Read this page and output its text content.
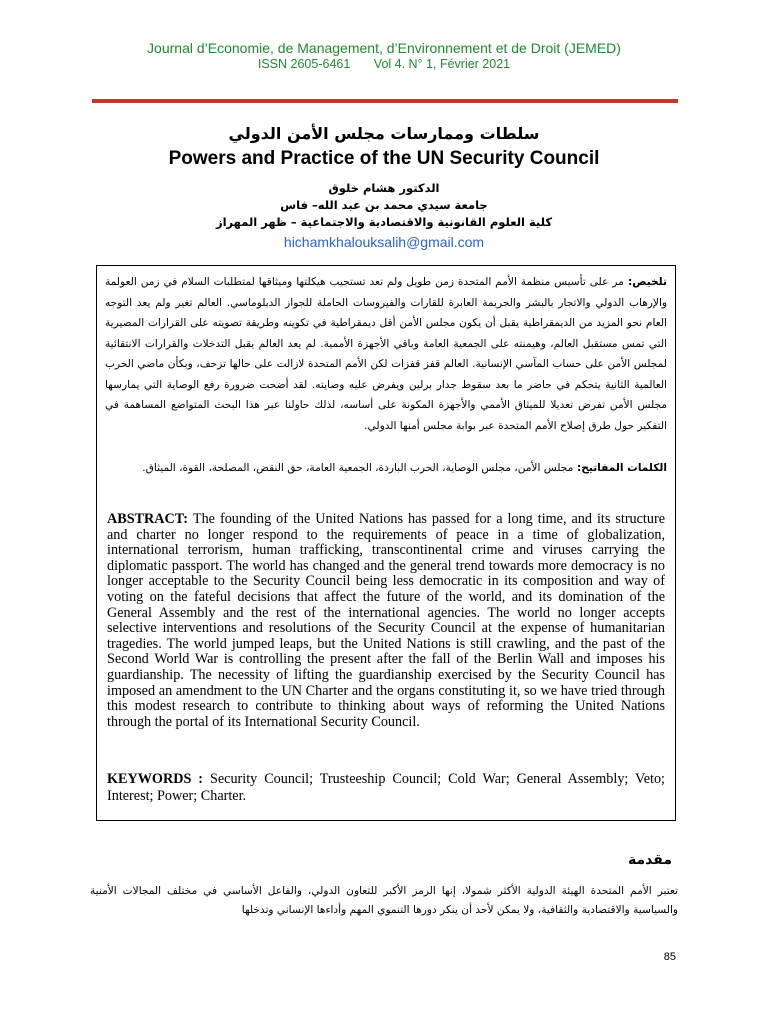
Journal d’Economie, de Management, d’Environnement et de Droit (JEMED)
ISSN 2605-6461 Vol 4. N° 1, Février 2021
سلطات وممارسات مجلس الأمن الدولي
Powers and Practice of the UN Security Council
الدكتور هشام خلوق
جامعة سيدي محمد بن عبد الله– فاس
كلية العلوم القانونية والاقتصادية والاجتماعية – ظهر المهراز
hichamkhalouksalih@gmail.com
تلخيص: مر على تأسيس منظمة الأمم المتحدة زمن طويل ولم تعد تستجيب هيكلتها وميثاقها لمتطلبات السلام في زمن العولمة والإرهاب الدولي والاتجار بالبشر والجريمة العابرة للقارات والفيروسات الحاملة للجواز الدبلوماسي. العالم تغير ولم يعد التوجه العام نحو المزيد من الديمقراطية يقبل أن يكون مجلس الأمن أقل ديمقراطية في تكوينه وطريقة تصويته على القرارات المصيرية التي تمس مستقبل العالم، وهيمنته على الجمعية العامة وباقي الأجهزة الأممية. لم يعد العالم يقبل التدخلات والقرارات الانتقائية لمجلس الأمن على حساب المآسي الإنسانية. العالم قفز قفزات لكن الأمم المتحدة لازالت على حالها تزحف، وبكأن ماضي الحرب العالمية الثانية يتحكم في حاضر ما بعد سقوط جدار برلين ويفرض عليه وصايته. لقد أضحت ضرورة رفع الوصاية التي يمارسها مجلس الأمن تفرض تعديلا للميثاق الأممي والأجهزة المكونة على أساسه، لذلك حاولنا عبر هذا البحث المتواضع المساهمة في التفكير حول طرق إصلاح الأمم المتحدة عبر بوابة مجلس أمنها الدولي.
الكلمات المفاتيح: مجلس الأمن، مجلس الوصاية، الحرب الباردة، الجمعية العامة، حق النقض، المصلحة، القوة، الميثاق.
ABSTRACT: The founding of the United Nations has passed for a long time, and its structure and charter no longer respond to the requirements of peace in a time of globalization, international terrorism, human trafficking, transcontinental crime and viruses carrying the diplomatic passport. The world has changed and the general trend towards more democracy is no longer acceptable to the Security Council being less democratic in its composition and way of voting on the fateful decisions that affect the future of the world, and its domination of the General Assembly and the rest of the international agencies. The world no longer accepts selective interventions and resolutions of the Security Council at the expense of humanitarian tragedies. The world jumped leaps, but the United Nations is still crawling, and the past of the Second World War is controlling the present after the fall of the Berlin Wall and imposes his guardianship. The necessity of lifting the guardianship exercised by the Security Council has imposed an amendment to the UN Charter and the organs constituting it, so we have tried through this modest research to contribute to thinking about ways of reforming the United Nations through the portal of its International Security Council.
KEYWORDS : Security Council; Trusteeship Council; Cold War; General Assembly; Veto; Interest; Power; Charter.
مقدمة
تعتبر الأمم المتحدة الهيئة الدولية الأكثر شمولا، إنها الرمز الأكبر للتعاون الدولي، والفاعل الأساسي في مختلف المجالات الأمنية والسياسية والاقتصادية والثقافية، ولا يمكن لأحد أن ينكر دورها التنموي المهم وأداءها الإنساني وتدخلها
85
